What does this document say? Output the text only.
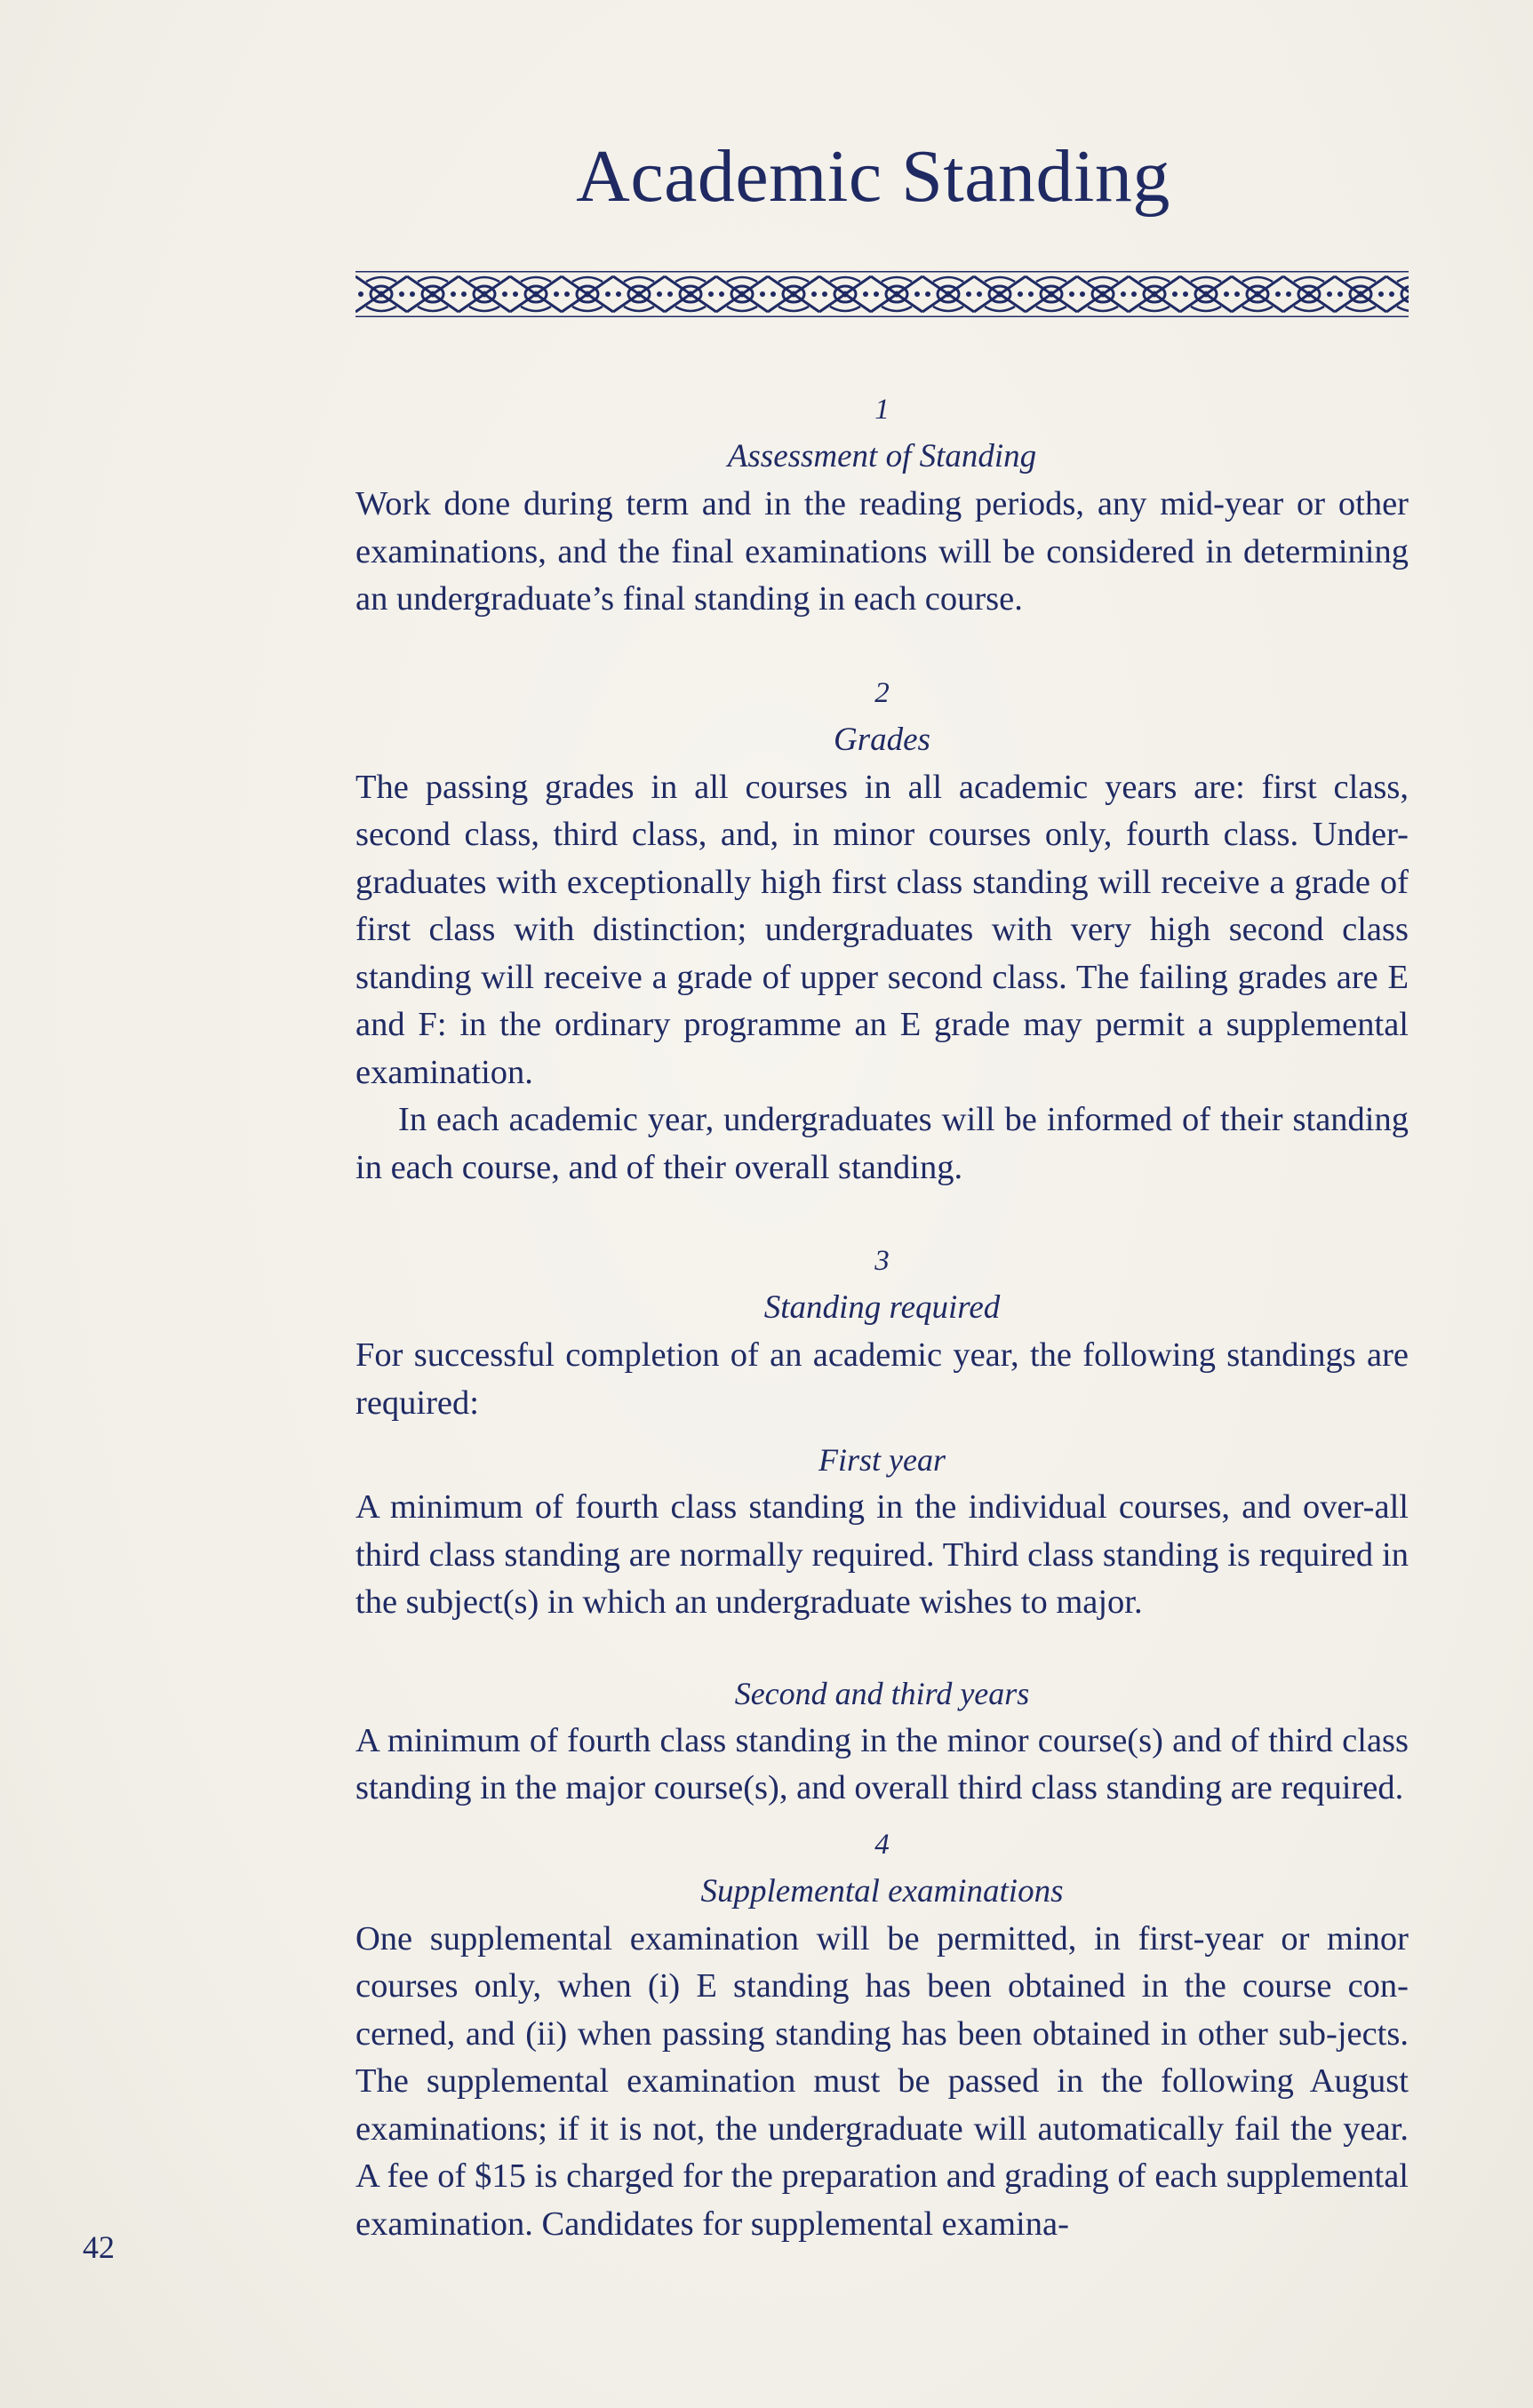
Academic Standing
1
Assessment of Standing

Work done during term and in the reading periods, any mid-year or other examinations, and the final examinations will be considered in determining an undergraduate’s final standing in each course.

2
Grades

The passing grades in all courses in all academic years are: first class, second class, third class, and, in minor courses only, fourth class. Under-graduates with exceptionally high first class standing will receive a grade of first class with distinction; undergraduates with very high second class standing will receive a grade of upper second class. The failing grades are E and F: in the ordinary programme an E grade may permit a supplemental examination.

In each academic year, undergraduates will be informed of their standing in each course, and of their overall standing.

3
Standing required

For successful completion of an academic year, the following standings are required:

First year

A minimum of fourth class standing in the individual courses, and over-all third class standing are normally required. Third class standing is required in the subject(s) in which an undergraduate wishes to major.

Second and third years

A minimum of fourth class standing in the minor course(s) and of third class standing in the major course(s), and overall third class standing are required.

4
Supplemental examinations

One supplemental examination will be permitted, in first-year or minor courses only, when (i) E standing has been obtained in the course con-cerned, and (ii) when passing standing has been obtained in other sub-jects. The supplemental examination must be passed in the following August examinations; if it is not, the undergraduate will automatically fail the year. A fee of $15 is charged for the preparation and grading of each supplemental examination. Candidates for supplemental examina-

42
